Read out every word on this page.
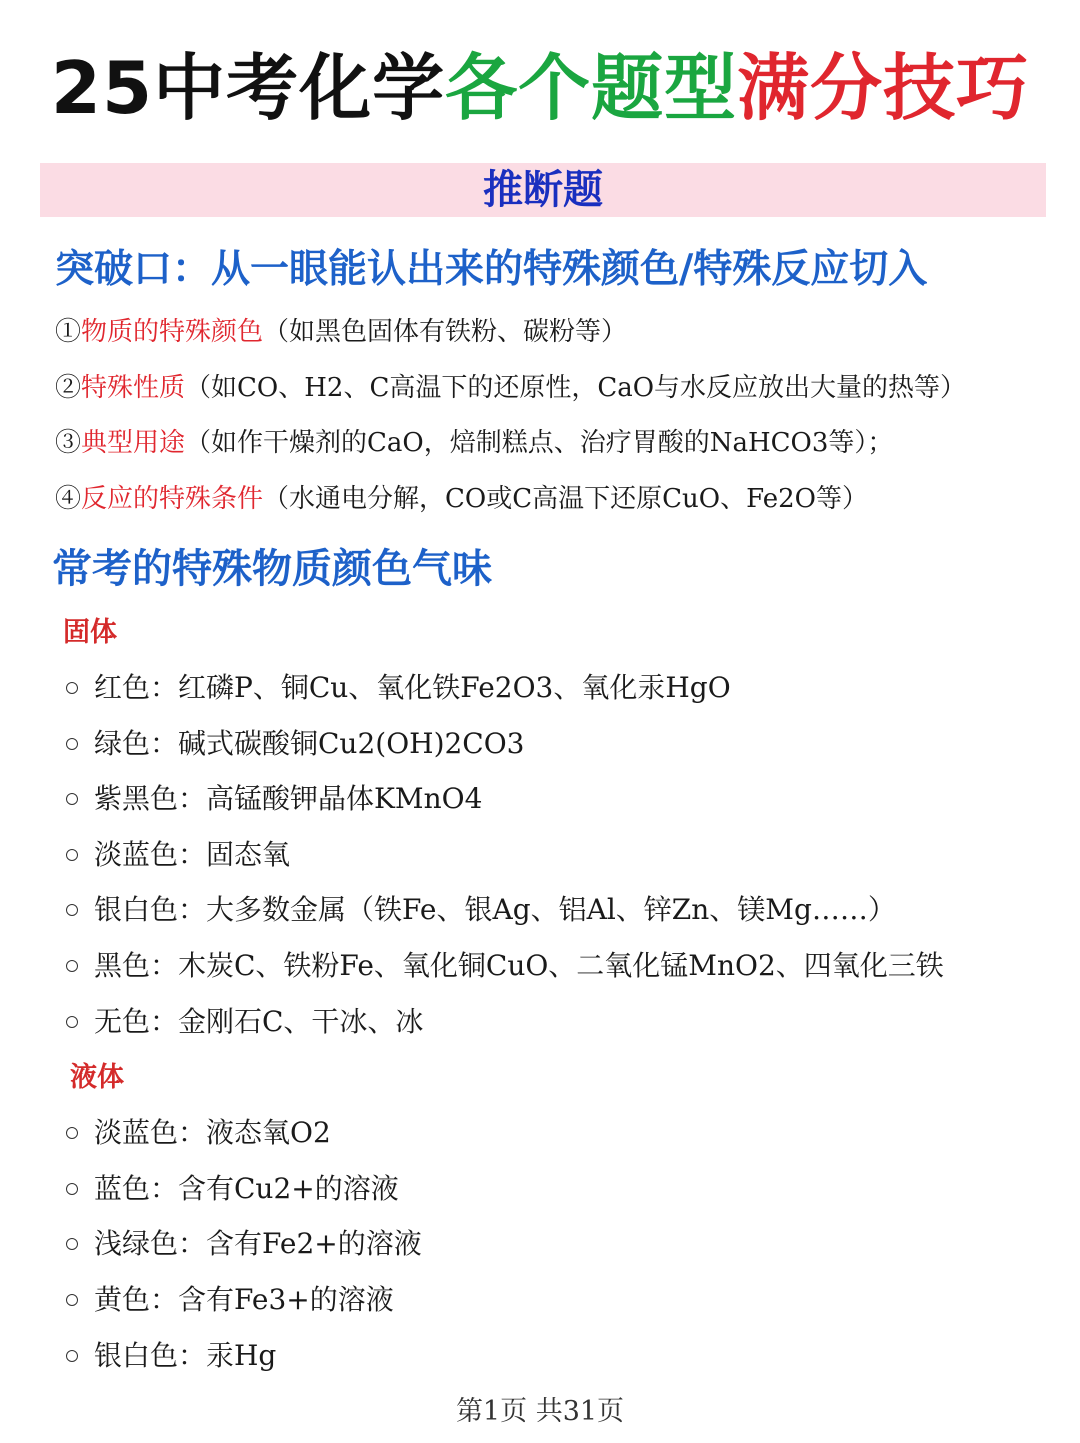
25中考化学各个题型满分技巧
推断题
突破口：从一眼能认出来的特殊颜色/特殊反应切入
①物质的特殊颜色（如黑色固体有铁粉、碳粉等）
②特殊性质（如CO、H2、C高温下的还原性，CaO与水反应放出大量的热等）
③典型用途（如作干燥剂的CaO，焙制糕点、治疗胃酸的NaHCO3等）；
④反应的特殊条件（水通电分解，CO或C高温下还原CuO、Fe2O等）
常考的特殊物质颜色气味
固体
红色：红磷P、铜Cu、氧化铁Fe2O3、氧化汞HgO
绿色：碱式碳酸铜Cu2(OH)2CO3
紫黑色：高锰酸钾晶体KMnO4
淡蓝色：固态氧
银白色：大多数金属（铁Fe、银Ag、铝Al、锌Zn、镁Mg……）
黑色：木炭C、铁粉Fe、氧化铜CuO、二氧化锰MnO2、四氧化三铁
无色：金刚石C、干冰、冰
液体
淡蓝色：液态氧O2
蓝色：含有Cu2+的溶液
浅绿色：含有Fe2+的溶液
黄色：含有Fe3+的溶液
银白色：汞Hg
第1页 共31页
